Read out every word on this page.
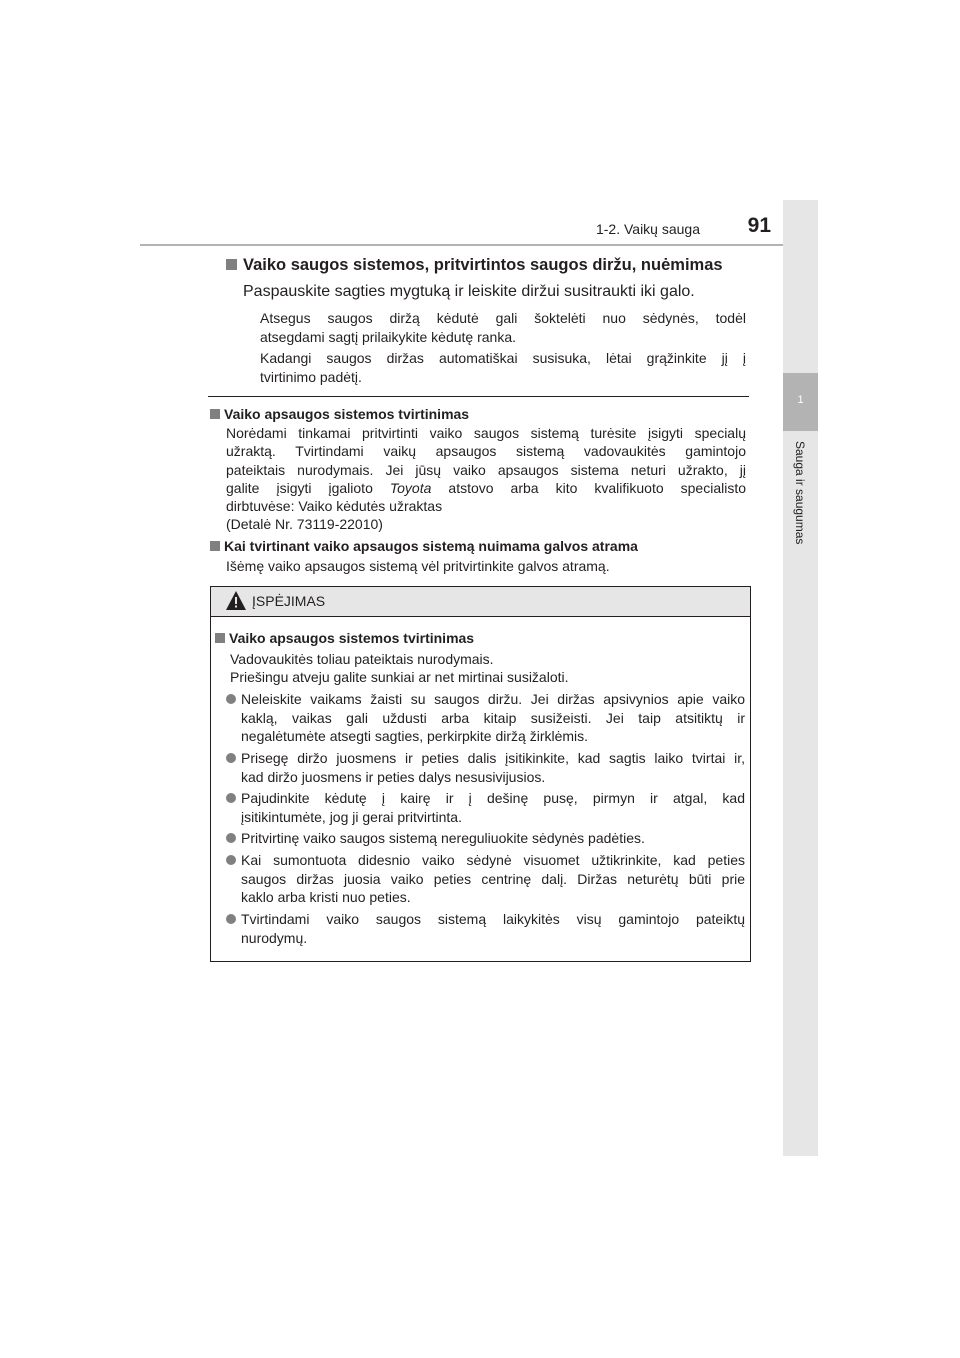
1-2. Vaikų sauga	91
1
Sauga ir saugumas
Vaiko saugos sistemos, pritvirtintos saugos diržu, nuėmimas
Paspauskite sagties mygtuką ir leiskite diržui susitraukti iki galo.
Atsegus saugos diržą kėdutė gali šoktelėti nuo sėdynės, todėl
atsegdami sagtį prilaikykite kėdutę ranka.
Kadangi saugos diržas automatiškai susisuka, lėtai grąžinkite jį į
tvirtinimo padėtį.
Vaiko apsaugos sistemos tvirtinimas
Norėdami tinkamai pritvirtinti vaiko saugos sistemą turėsite įsigyti specialų
užraktą. Tvirtindami vaikų apsaugos sistemą vadovaukitės gamintojo
pateiktais nurodymais. Jei jūsų vaiko apsaugos sistema neturi užrakto, jį
galite įsigyti įgalioto Toyota atstovo arba kito kvalifikuoto specialisto
dirbtuvėse: Vaiko kėdutės užraktas
(Detalė Nr. 73119-22010)
Kai tvirtinant vaiko apsaugos sistemą nuimama galvos atrama
Išėmę vaiko apsaugos sistemą vėl pritvirtinkite galvos atramą.
ĮSPĖJIMAS
Vaiko apsaugos sistemos tvirtinimas
Vadovaukitės toliau pateiktais nurodymais.
Priešingu atveju galite sunkiai ar net mirtinai susižaloti.
Neleiskite vaikams žaisti su saugos diržu. Jei diržas apsivynios apie vaiko
kaklą, vaikas gali uždusti arba kitaip susižeisti. Jei taip atsitiktų ir
negalėtumėte atsegti sagties, perkirpkite diržą žirklėmis.
Prisegę diržo juosmens ir peties dalis įsitikinkite, kad sagtis laiko tvirtai ir,
kad diržo juosmens ir peties dalys nesusivijusios.
Pajudinkite kėdutę į kairę ir į dešinę pusę, pirmyn ir atgal, kad
įsitikintumėte, jog ji gerai pritvirtinta.
Pritvirtinę vaiko saugos sistemą nereguliuokite sėdynės padėties.
Kai sumontuota didesnio vaiko sėdynė visuomet užtikrinkite, kad peties
saugos diržas juosia vaiko peties centrinę dalį. Diržas neturėtų būti prie
kaklo arba kristi nuo peties.
Tvirtindami vaiko saugos sistemą laikykitės visų gamintojo pateiktų
nurodymų.
